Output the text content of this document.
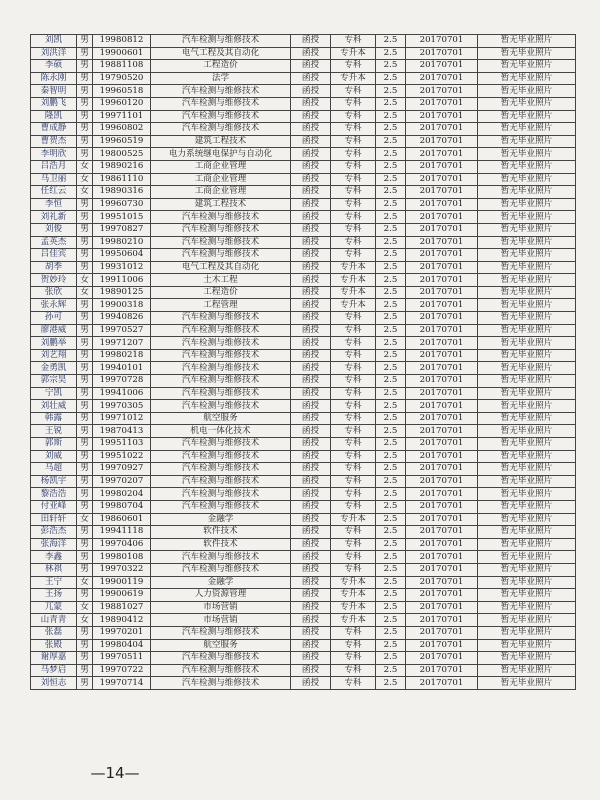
刘凯	男	19980812	汽车检测与维修技术	函授	专科	2.5	20170701	暂无毕业照片
刘洪洋	男	19900601	电气工程及其自动化	函授	专升本	2.5	20170701	暂无毕业照片
李硕	男	19881108	工程造价	函授	专科	2.5	20170701	暂无毕业照片
陈永刚	男	19790520	法学	函授	专升本	2.5	20170701	暂无毕业照片
秦智明	男	19960518	汽车检测与维修技术	函授	专科	2.5	20170701	暂无毕业照片
刘鹏飞	男	19960120	汽车检测与维修技术	函授	专科	2.5	20170701	暂无毕业照片
隆凯	男	19971101	汽车检测与维修技术	函授	专科	2.5	20170701	暂无毕业照片
曹成静	男	19960802	汽车检测与维修技术	函授	专科	2.5	20170701	暂无毕业照片
曹贺杰	男	19960519	建筑工程技术	函授	专科	2.5	20170701	暂无毕业照片
李明欣	男	19800525	电力系统继电保护与自动化	函授	专科	2.5	20170701	暂无毕业照片
吕浩月	女	19890216	工商企业管理	函授	专科	2.5	20170701	暂无毕业照片
马卫丽	女	19861110	工商企业管理	函授	专科	2.5	20170701	暂无毕业照片
任红云	女	19890316	工商企业管理	函授	专科	2.5	20170701	暂无毕业照片
李恒	男	19960730	建筑工程技术	函授	专科	2.5	20170701	暂无毕业照片
刘礼新	男	19951015	汽车检测与维修技术	函授	专科	2.5	20170701	暂无毕业照片
刘俊	男	19970827	汽车检测与维修技术	函授	专科	2.5	20170701	暂无毕业照片
孟英杰	男	19980210	汽车检测与维修技术	函授	专科	2.5	20170701	暂无毕业照片
吕佳宾	男	19950604	汽车检测与维修技术	函授	专科	2.5	20170701	暂无毕业照片
胡季	男	19931012	电气工程及其自动化	函授	专升本	2.5	20170701	暂无毕业照片
贺妙玲	女	19911006	土木工程	函授	专升本	2.5	20170701	暂无毕业照片
张欣	女	19890125	工程造价	函授	专升本	2.5	20170701	暂无毕业照片
张永辉	男	19900318	工程管理	函授	专升本	2.5	20170701	暂无毕业照片
孙可	男	19940826	汽车检测与维修技术	函授	专科	2.5	20170701	暂无毕业照片
廖港威	男	19970527	汽车检测与维修技术	函授	专科	2.5	20170701	暂无毕业照片
刘鹏举	男	19971207	汽车检测与维修技术	函授	专科	2.5	20170701	暂无毕业照片
刘艺翔	男	19980218	汽车检测与维修技术	函授	专科	2.5	20170701	暂无毕业照片
金勇凯	男	19940101	汽车检测与维修技术	函授	专科	2.5	20170701	暂无毕业照片
郭宗昊	男	19970728	汽车检测与维修技术	函授	专科	2.5	20170701	暂无毕业照片
宁凯	男	19941006	汽车检测与维修技术	函授	专科	2.5	20170701	暂无毕业照片
刘壮威	男	19970305	汽车检测与维修技术	函授	专科	2.5	20170701	暂无毕业照片
韩露	男	19971012	航空服务	函授	专科	2.5	20170701	暂无毕业照片
王锐	男	19870413	机电一体化技术	函授	专科	2.5	20170701	暂无毕业照片
郭斯	男	19951103	汽车检测与维修技术	函授	专科	2.5	20170701	暂无毕业照片
刘威	男	19951022	汽车检测与维修技术	函授	专科	2.5	20170701	暂无毕业照片
马超	男	19970927	汽车检测与维修技术	函授	专科	2.5	20170701	暂无毕业照片
杨凯宇	男	19970207	汽车检测与维修技术	函授	专科	2.5	20170701	暂无毕业照片
黎浩浩	男	19980204	汽车检测与维修技术	函授	专科	2.5	20170701	暂无毕业照片
付亚峰	男	19980704	汽车检测与维修技术	函授	专科	2.5	20170701	暂无毕业照片
田轩轩	女	19860601	金融学	函授	专升本	2.5	20170701	暂无毕业照片
彭浩杰	男	19941118	软件技术	函授	专科	2.5	20170701	暂无毕业照片
张海洋	男	19970406	软件技术	函授	专科	2.5	20170701	暂无毕业照片
李鑫	男	19980108	汽车检测与维修技术	函授	专科	2.5	20170701	暂无毕业照片
林祺	男	19970322	汽车检测与维修技术	函授	专科	2.5	20170701	暂无毕业照片
王宁	女	19900119	金融学	函授	专升本	2.5	20170701	暂无毕业照片
王扬	男	19900619	人力资源管理	函授	专升本	2.5	20170701	暂无毕业照片
兀蒙	女	19881027	市场营销	函授	专升本	2.5	20170701	暂无毕业照片
山青青	女	19890412	市场营销	函授	专升本	2.5	20170701	暂无毕业照片
张磊	男	19970201	汽车检测与维修技术	函授	专科	2.5	20170701	暂无毕业照片
张殿	男	19980404	航空服务	函授	专科	2.5	20170701	暂无毕业照片
谢厚嘉	男	19970511	汽车检测与维修技术	函授	专科	2.5	20170701	暂无毕业照片
马梦启	男	19970722	汽车检测与维修技术	函授	专科	2.5	20170701	暂无毕业照片
刘恒志	男	19970714	汽车检测与维修技术	函授	专科	2.5	20170701	暂无毕业照片
—14—
